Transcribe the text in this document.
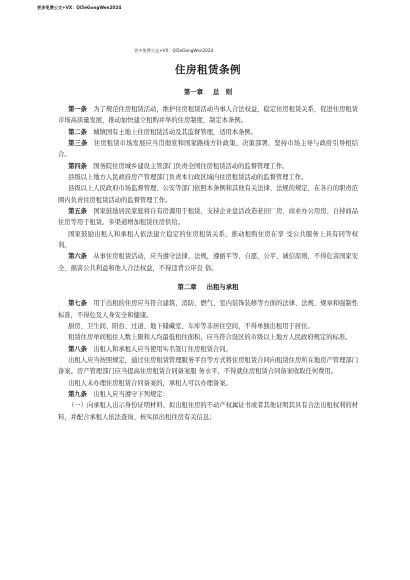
更多免费公文+VX：Qi5eGongWen2024
更多免费公文+VX：Qi5eGongWen2024
住房租赁条例
第一章 总　则

第一条　 为了规范住房租赁活动，维护住房租赁活动当事人合法权益，稳定住房租赁关系，促进住房租赁市场高质量发展，推动加快建立租购并举的住房制度，制定本条例。

第二条　 城镇国有土地上住房租赁活动及其监督管理，适用本条例。

第三条　 住房租赁市场发展应当贯彻党和国家路线方针政策、决策部署，坚持市场主导与政府引导相结合。

第四条　 国务院住房城乡建设主管部门负责全国住房租赁活动的监督管理工作。

县级以上地方人民政府房产管理部门负责本行政区域内住房租赁活动的监督管理工作。

县级以上人民政府市场监督管理、公安等部门依照本条例和其他有关法律、法规的规定，在各自的职责范围内负责住房租赁活动的监督管理工作。

第五条　 国家鼓励居民家庭将自有房源用于租赁，支持企业盘活改造老旧厂房、商业办公用房、自持商品住房等用于租赁。多渠道增加租赁住房供给。

国家鼓励出租人和承租人依法建立稳定的住房租赁关系，推动租购住房在享 受公共服务上具有同等权利。

第六条　 从事住房租赁活动，应当遵守法律、法规，遵循平等、自愿、公平、诚信原则，不得危害国家安全、损害公共利益和他人合法权益，不得违背公序良 俗。

第二章 出租与承租

第七条　 用于出租的住房应当符合建筑、消防、燃气、室内装饰装修等方面的法律、法规、规章和强制性标准，不得危及人身安全和健康。

厨房、卫生间、阳台、过道、地下储藏室、车库等非居住空间，不得单独出租用于居住。

租赁住房单间租住人数上限和人均最低租住面积，应当符合设区的市级以上地方人民政府规定的标准。

第八条　 出租人和承租人应当使用实名签订住房租赁合同。

出租人应当按照规定，通过住房租赁管理服务平台等方式将住房租赁合同向租赁住房所在地房产管理部门备案。房产管理部门应当提高住房租赁合同备案服 务水平，不得就住房租赁合同备案收取任何费用。

出租人未办理住房租赁合同备案的，承租人可以办理备案。

第九条　 出租人应当遵守下列规定：

（一）向承租人出示身份证明材料、拟出租住房的不动产权属证书或者其他证明其具有合法出租权利的材料，并配合承租人依法查询、核实拟出租住房有关信息；
